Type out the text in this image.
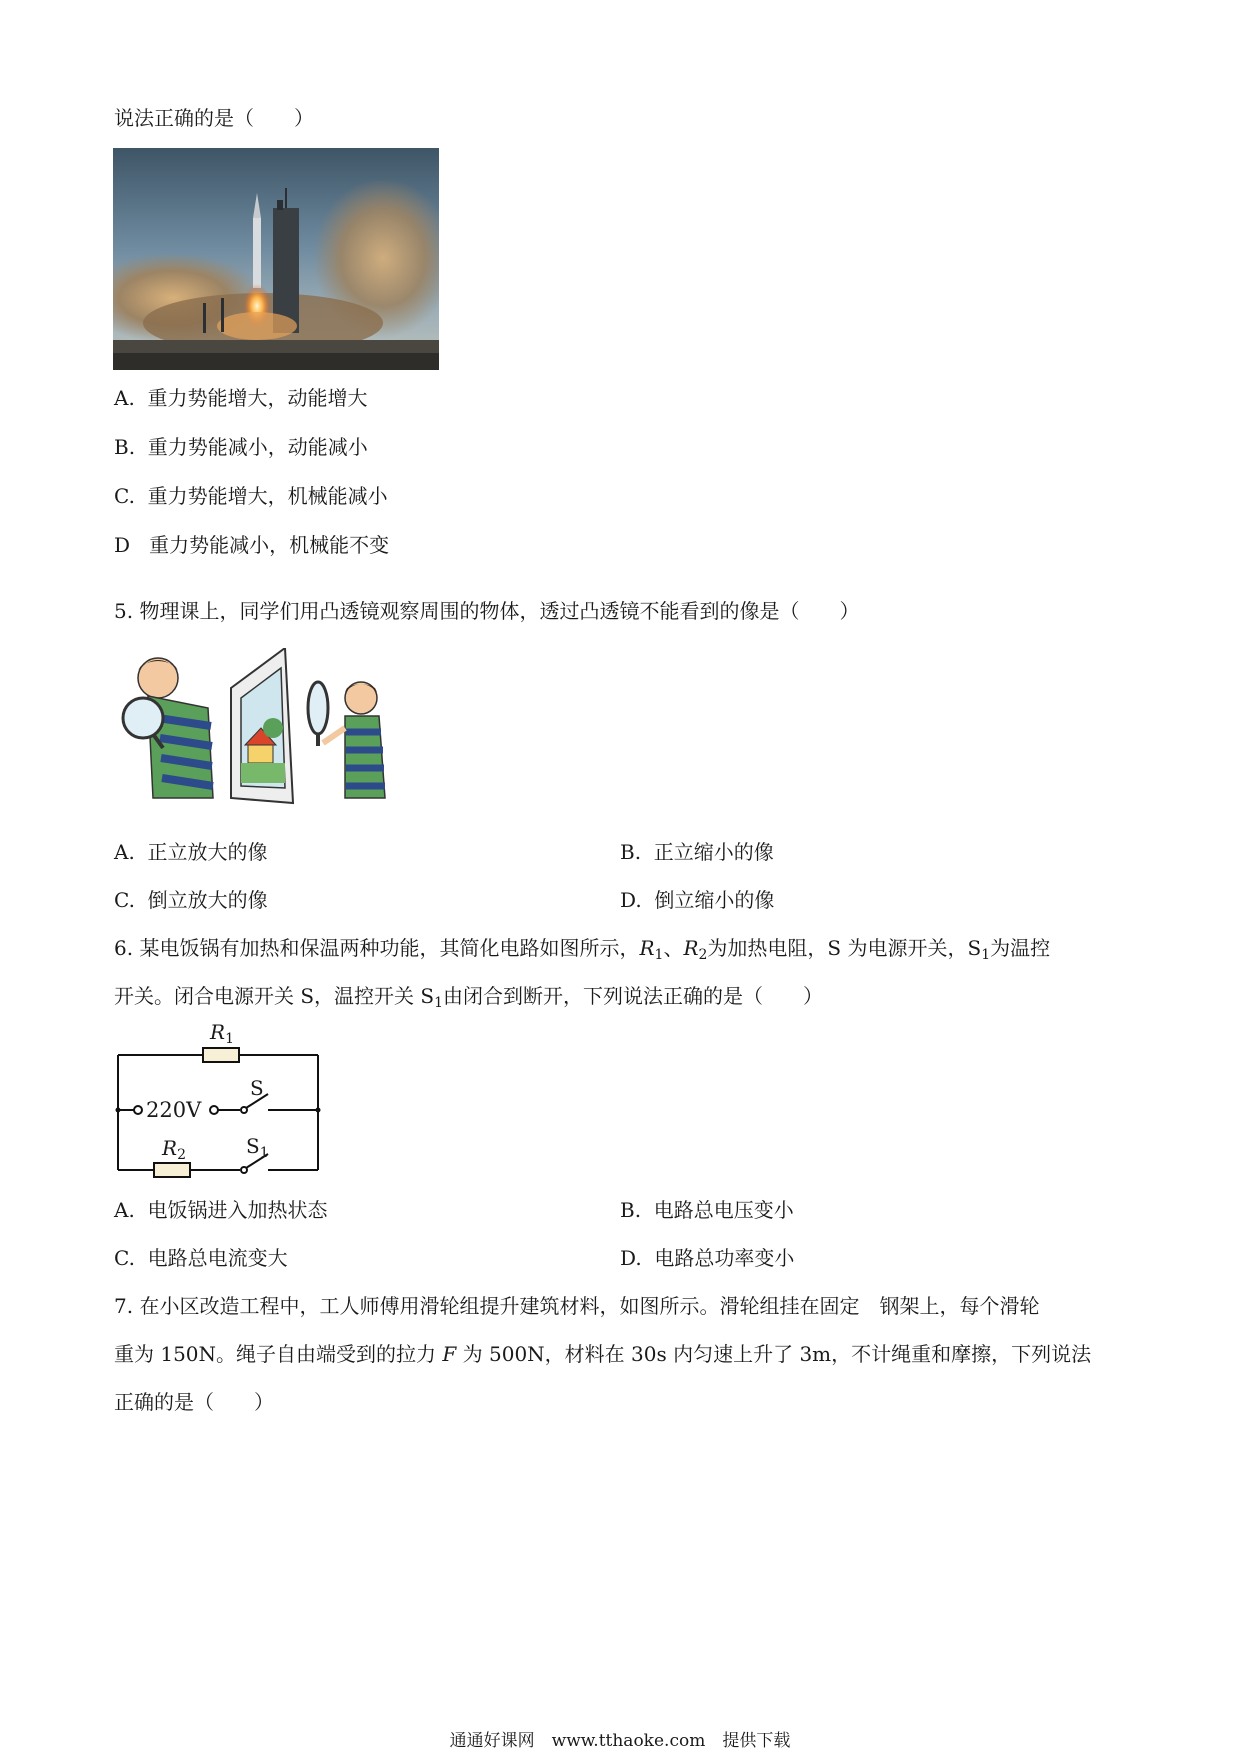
说法正确的是（　　）
A. 重力势能增大，动能增大
B. 重力势能减小，动能减小
C. 重力势能增大，机械能减小
D 重力势能减小，机械能不变
5. 物理课上，同学们用凸透镜观察周围的物体，透过凸透镜不能看到的像是（　　）
A. 正立放大的像	B. 正立缩小的像
C. 倒立放大的像	D. 倒立缩小的像
6. 某电饭锅有加热和保温两种功能，其简化电路如图所示，$R_1$、$R_2$为加热电阻，S 为电源开关，$S_1$为温控
开关。闭合电源开关 S，温控开关 $S_1$由闭合到断开，下列说法正确的是（　　）
$R_1$
220V
S
$R_2$	$S_1$
A. 电饭锅进入加热状态	B. 电路总电压变小
C. 电路总电流变大	D. 电路总功率变小
7. 在小区改造工程中，工人师傅用滑轮组提升建筑材料，如图所示。滑轮组挂在固定　钢架上，每个滑轮
重为 150N。绳子自由端受到的拉力 F 为 500N，材料在 30s 内匀速上升了 3m，不计绳重和摩擦，下列说法
正确的是（　　）
通通好课网　www.tthaoke.com　提供下载
